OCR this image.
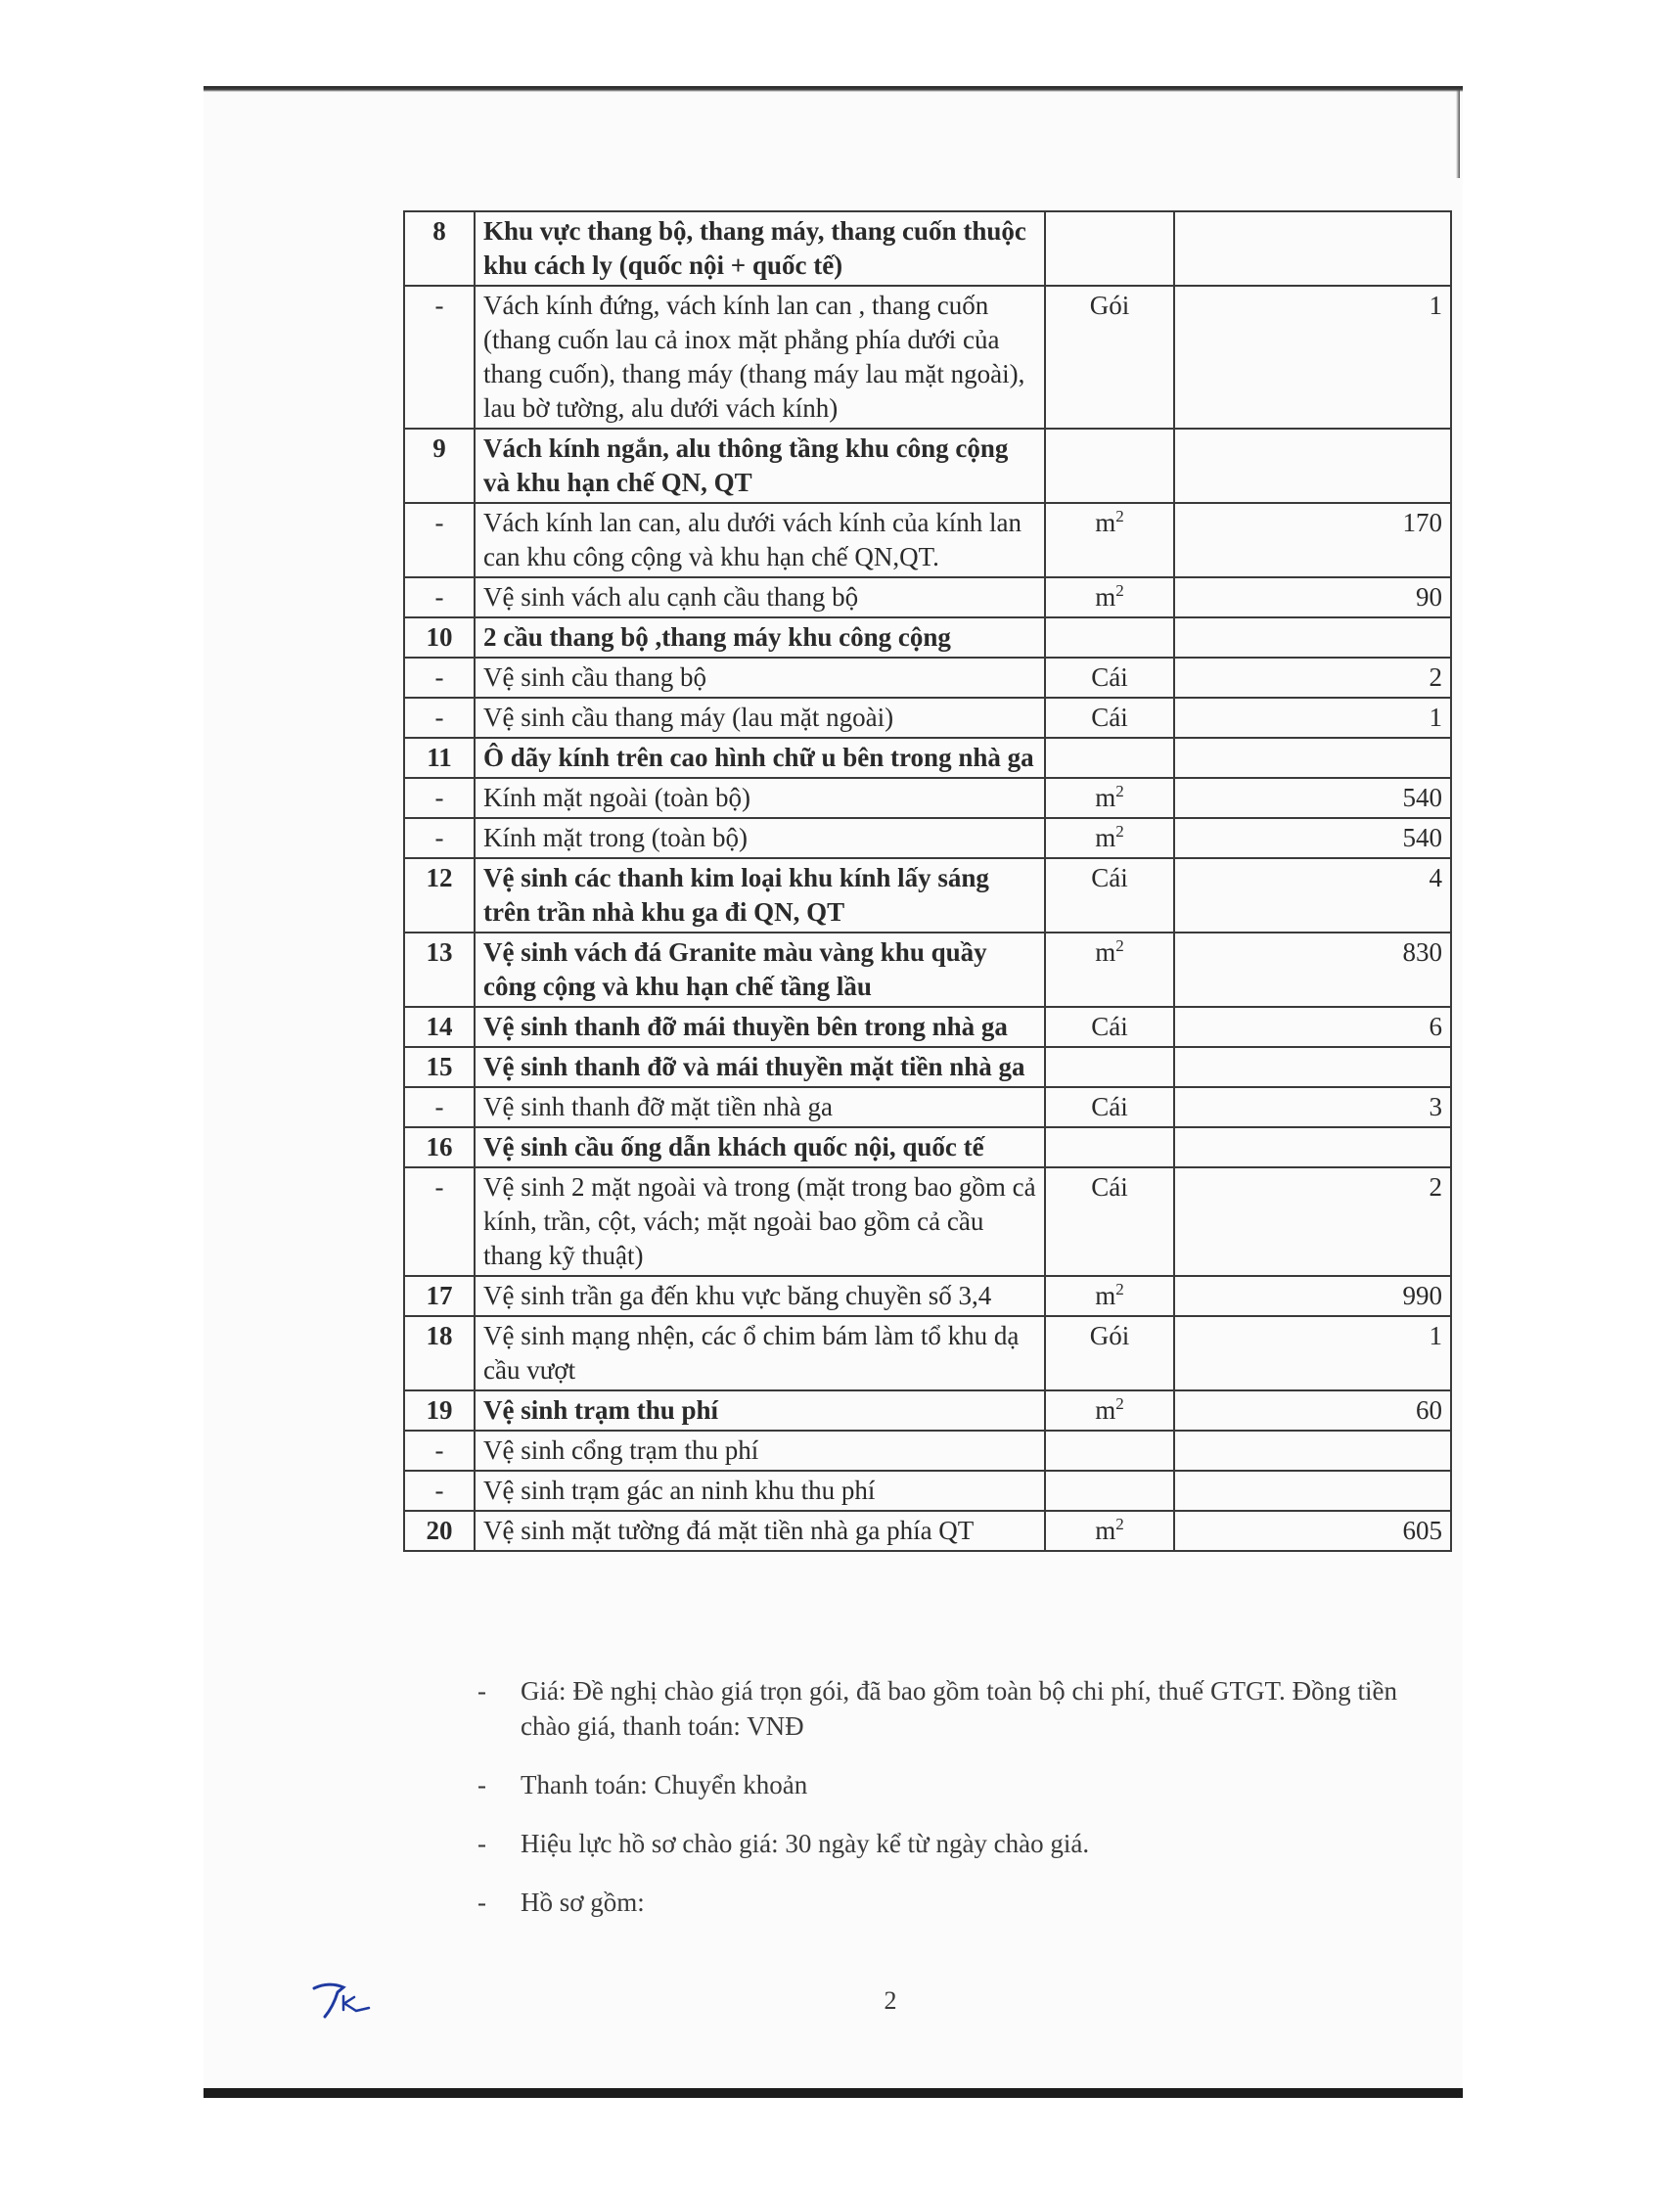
8	Khu vực thang bộ, thang máy, thang cuốn thuộc khu cách ly (quốc nội + quốc tế)		
-	Vách kính đứng, vách kính lan can , thang cuốn (thang cuốn lau cả inox mặt phẳng phía dưới của thang cuốn), thang máy (thang máy lau mặt ngoài), lau bờ tường, alu dưới vách kính)	Gói	1
9	Vách kính ngắn, alu thông tầng khu công cộng và khu hạn chế QN, QT		
-	Vách kính lan can, alu dưới vách kính của kính lan can khu công cộng và khu hạn chế QN,QT.	$m^2$	170
-	Vệ sinh vách alu cạnh cầu thang bộ	$m^2$	90
10	2 cầu thang bộ ,thang máy khu công cộng		
-	Vệ sinh cầu thang bộ	Cái	2
-	Vệ sinh cầu thang máy (lau mặt ngoài)	Cái	1
11	Ô dãy kính trên cao hình chữ u bên trong nhà ga		
-	Kính mặt ngoài (toàn bộ)	$m^2$	540
-	Kính mặt trong (toàn bộ)	$m^2$	540
12	Vệ sinh các thanh kim loại khu kính lấy sáng trên trần nhà khu ga đi QN, QT	Cái	4
13	Vệ sinh vách đá Granite màu vàng khu quầy công cộng và khu hạn chế tầng lầu	$m^2$	830
14	Vệ sinh thanh đỡ mái thuyền bên trong nhà ga	Cái	6
15	Vệ sinh thanh đỡ và mái thuyền mặt tiền nhà ga		
-	Vệ sinh thanh đỡ mặt tiền nhà ga	Cái	3
16	Vệ sinh cầu ống dẫn khách quốc nội, quốc tế		
-	Vệ sinh 2 mặt ngoài và trong (mặt trong bao gồm cả kính, trần, cột, vách; mặt ngoài bao gồm cả cầu thang kỹ thuật)	Cái	2
17	Vệ sinh trần ga đến khu vực băng chuyền số 3,4	$m^2$	990
18	Vệ sinh mạng nhện, các ổ chim bám làm tổ khu dạ cầu vượt	Gói	1
19	Vệ sinh trạm thu phí	$m^2$	60
-	Vệ sinh cổng trạm thu phí		
-	Vệ sinh trạm gác an ninh khu thu phí		
20	Vệ sinh mặt tường đá mặt tiền nhà ga phía QT	$m^2$	605
-	Giá: Đề nghị chào giá trọn gói, đã bao gồm toàn bộ chi phí, thuế GTGT. Đồng tiền chào giá, thanh toán: VNĐ
-	Thanh toán: Chuyển khoản
-	Hiệu lực hồ sơ chào giá: 30 ngày kể từ ngày chào giá.
-	Hồ sơ gồm:
2
